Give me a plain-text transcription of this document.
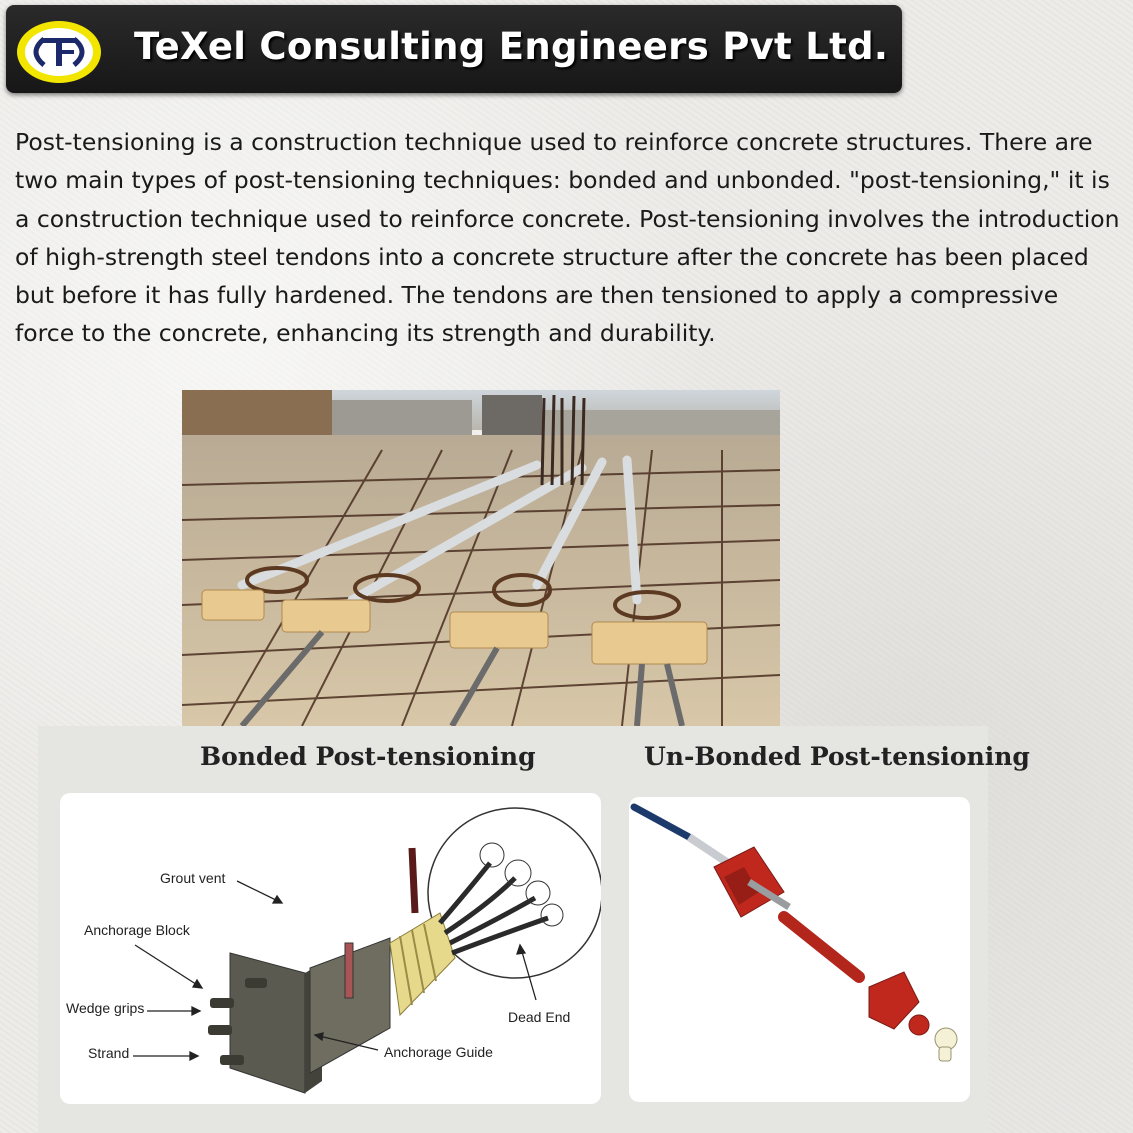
TeXel Consulting Engineers Pvt Ltd.

Post-tensioning is a construction technique used to reinforce concrete structures. There are two main types of post-tensioning techniques: bonded and unbonded. "post-tensioning," it is a construction technique used to reinforce concrete. Post-tensioning involves the introduction of high-strength steel tendons into a concrete structure after the concrete has been placed but before it has fully hardened. The tendons are then tensioned to apply a compressive force to the concrete, enhancing its strength and durability.

Bonded Post-tensioning	Un-Bonded Post-tensioning
Grout vent
Anchorage Block
Wedge grips
Strand	Anchorage Guide
Dead End
